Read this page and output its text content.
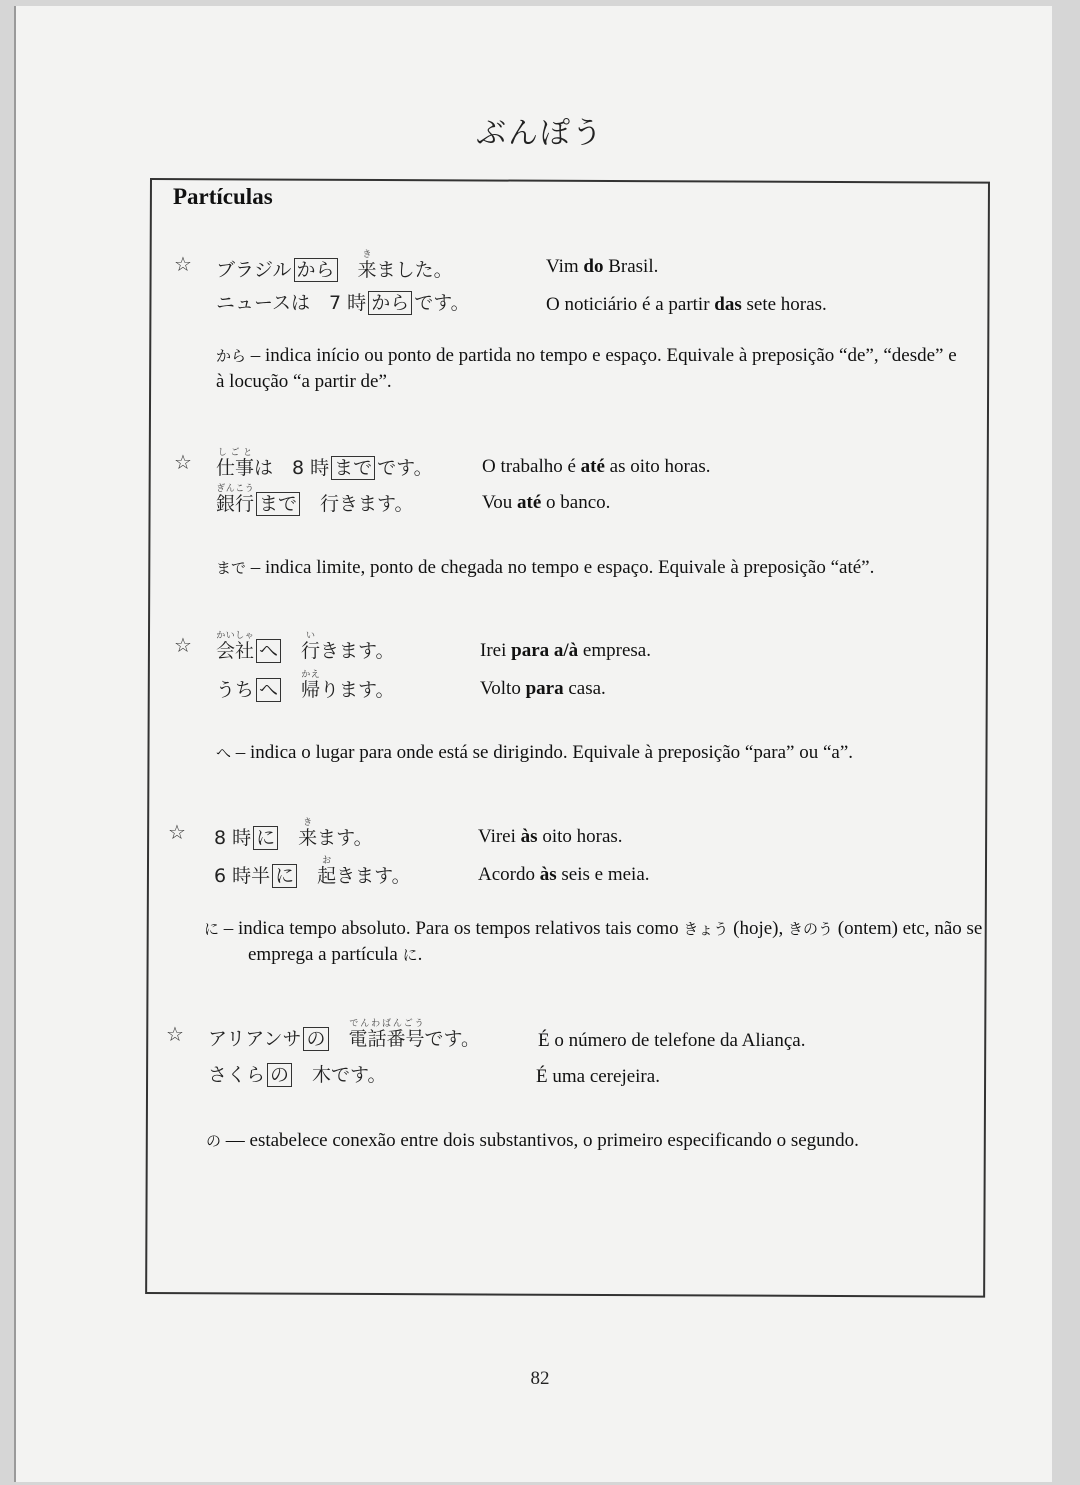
ぶんぽう
Partículas
☆ ブラジル から 来きました。	Vim do Brasil.
ニュースは　7 時 から です。	O noticiário é a partir das sete horas.
から – indica início ou ponto de partida no tempo e espaço. Equivale à preposição “de”, “desde” e à locução “a partir de”.
☆ 仕事しごとは　8 時 まで です。	O trabalho é até as oito horas.
銀行ぎんこうまで 行きます。	Vou até o banco.
まで – indica limite, ponto de chegada no tempo e espaço. Equivale à preposição “até”.
☆ 会社かいしゃへ 行いきます。	Irei para a/à empresa.
うち へ 帰かえります。	Volto para casa.
へ – indica o lugar para onde está se dirigindo. Equivale à preposição “para” ou “a”.
☆ 8 時 に 来きます。	Virei às oito horas.
6 時半 に 起おきます。	Acordo às seis e meia.
に – indica tempo absoluto. Para os tempos relativos tais como きょう (hoje), きのう (ontem) etc, não se emprega a partícula に.
☆ アリアンサ の 電話番号でんわばんごうです。	É o número de telefone da Aliança.
さくら の 木です。	É uma cerejeira.
の — estabelece conexão entre dois substantivos, o primeiro especificando o segundo.
82
